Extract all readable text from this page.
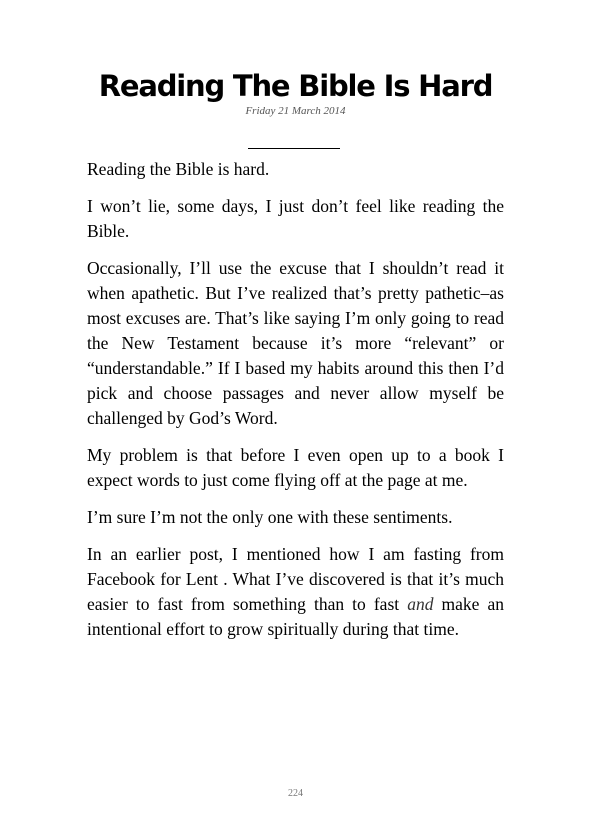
Reading The Bible Is Hard
Friday 21 March 2014

Reading the Bible is hard.

I won’t lie, some days, I just don’t feel like reading the Bible.

Occasionally, I’ll use the excuse that I shouldn’t read it when apathetic. But I’ve realized that’s pretty pathetic–as most excuses are. That’s like saying I’m only going to read the New Testament because it’s more “relevant” or “understandable.” If I based my habits around this then I’d pick and choose passages and never allow myself be challenged by God’s Word.

My problem is that before I even open up to a book I expect words to just come flying off at the page at me.

I’m sure I’m not the only one with these sentiments.

In an earlier post, I mentioned how I am fasting from Facebook for Lent . What I’ve discovered is that it’s much easier to fast from something than to fast and make an intentional effort to grow spiritually during that time.

224
